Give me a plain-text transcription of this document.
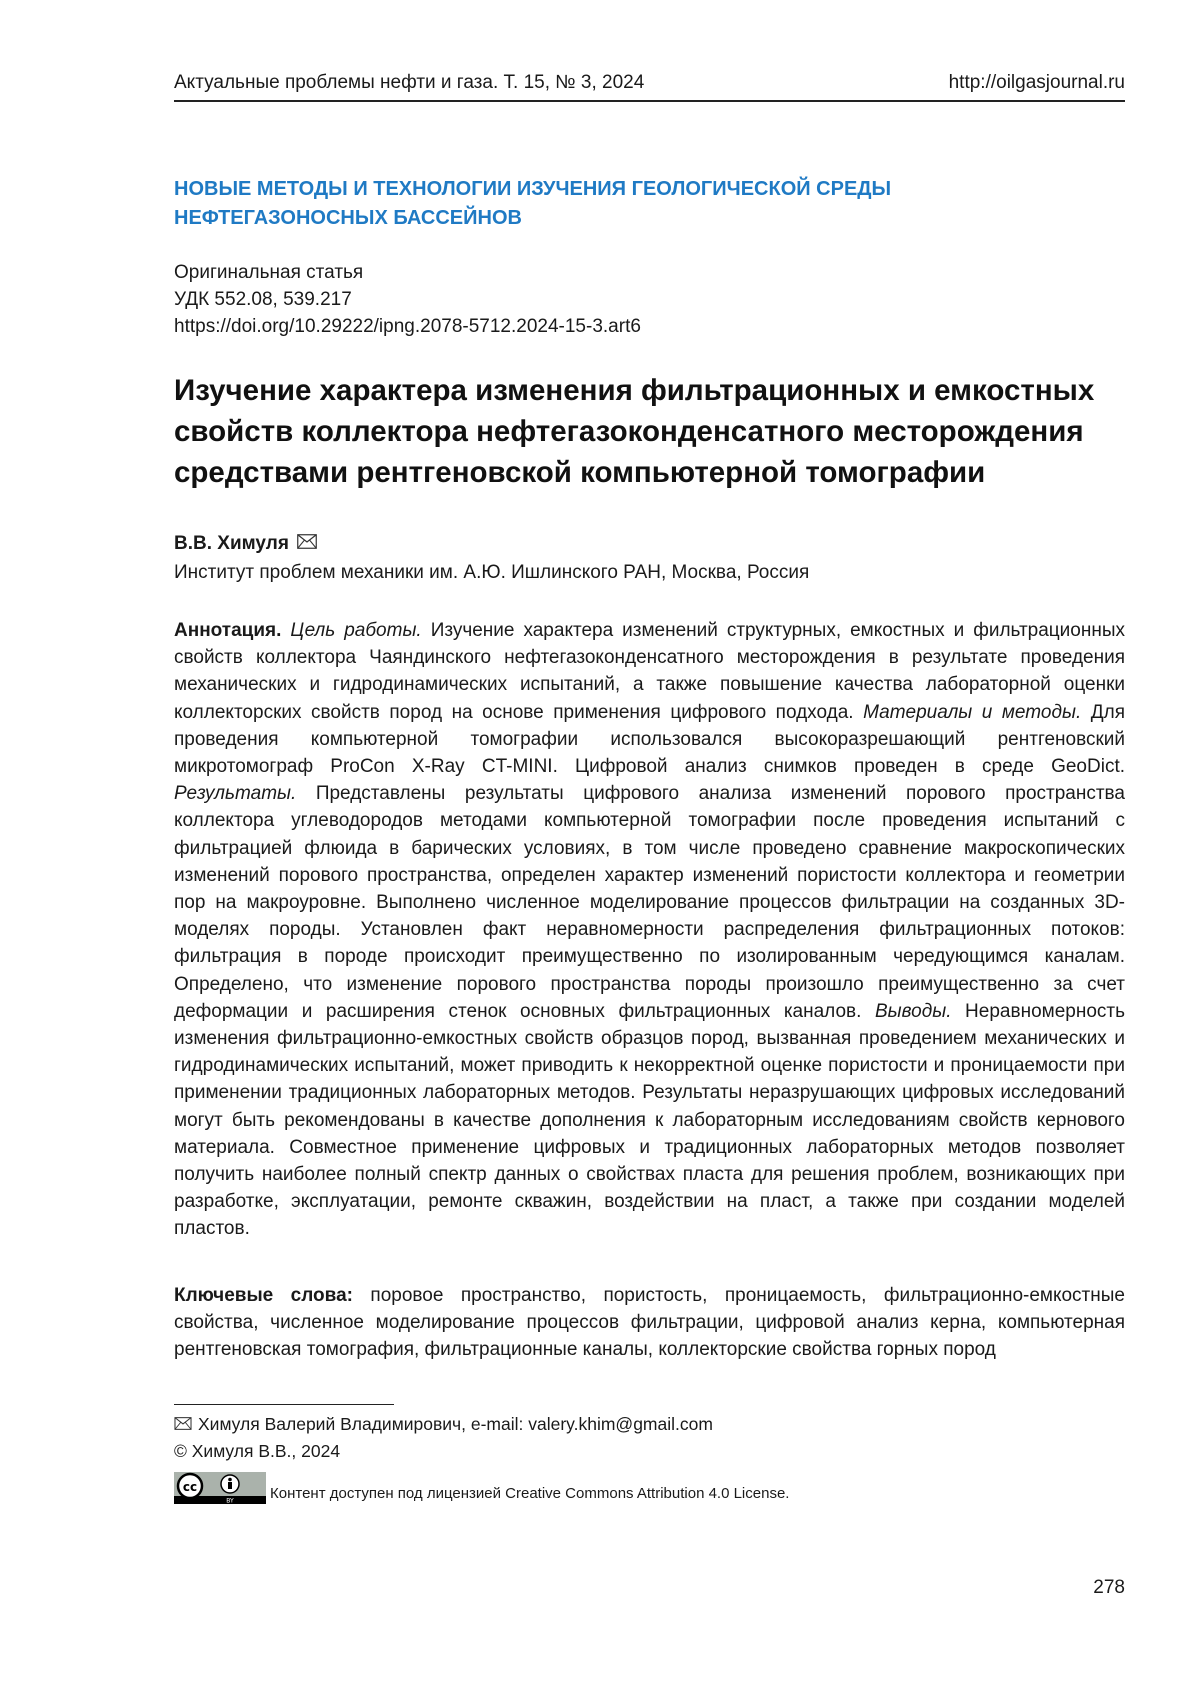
Актуальные проблемы нефти и газа. Т. 15, № 3, 2024	http://oilgasjournal.ru
НОВЫЕ МЕТОДЫ И ТЕХНОЛОГИИ ИЗУЧЕНИЯ ГЕОЛОГИЧЕСКОЙ СРЕДЫ
НЕФТЕГАЗОНОСНЫХ БАССЕЙНОВ
Оригинальная статья
УДК 552.08, 539.217
https://doi.org/10.29222/ipng.2078-5712.2024-15-3.art6
Изучение характера изменения фильтрационных и емкостных свойств коллектора нефтегазоконденсатного месторождения средствами рентгеновской компьютерной томографии
В.В. Химуля
Институт проблем механики им. А.Ю. Ишлинского РАН, Москва, Россия
Аннотация. Цель работы. Изучение характера изменений структурных, емкостных и фильтрационных свойств коллектора Чаяндинского нефтегазоконденсатного месторождения в результате проведения механических и гидродинамических испытаний, а также повышение качества лабораторной оценки коллекторских свойств пород на основе применения цифрового подхода. Материалы и методы. Для проведения компьютерной томографии использовался высокоразрешающий рентгеновский микротомограф ProCon X-Ray CT-MINI. Цифровой анализ снимков проведен в среде GeoDict. Результаты. Представлены результаты цифрового анализа изменений порового пространства коллектора углеводородов методами компьютерной томографии после проведения испытаний с фильтрацией флюида в барических условиях, в том числе проведено сравнение макроскопических изменений порового пространства, определен характер изменений пористости коллектора и геометрии пор на макроуровне. Выполнено численное моделирование процессов фильтрации на созданных 3D-моделях породы. Установлен факт неравномерности распределения фильтрационных потоков: фильтрация в породе происходит преимущественно по изолированным чередующимся каналам. Определено, что изменение порового пространства породы произошло преимущественно за счет деформации и расширения стенок основных фильтрационных каналов. Выводы. Неравномерность изменения фильтрационно-емкостных свойств образцов пород, вызванная проведением механических и гидродинамических испытаний, может приводить к некорректной оценке пористости и проницаемости при применении традиционных лабораторных методов. Результаты неразрушающих цифровых исследований могут быть рекомендованы в качестве дополнения к лабораторным исследованиям свойств кернового материала. Совместное применение цифровых и традиционных лабораторных методов позволяет получить наиболее полный спектр данных о свойствах пласта для решения проблем, возникающих при разработке, эксплуатации, ремонте скважин, воздействии на пласт, а также при создании моделей пластов.
Ключевые слова: поровое пространство, пористость, проницаемость, фильтрационно-емкостные свойства, численное моделирование процессов фильтрации, цифровой анализ керна, компьютерная рентгеновская томография, фильтрационные каналы, коллекторские свойства горных пород
Химуля Валерий Владимирович, e-mail: valery.khim@gmail.com
© Химуля В.В., 2024
cc
BY Контент доступен под лицензией Creative Commons Attribution 4.0 License.
278
